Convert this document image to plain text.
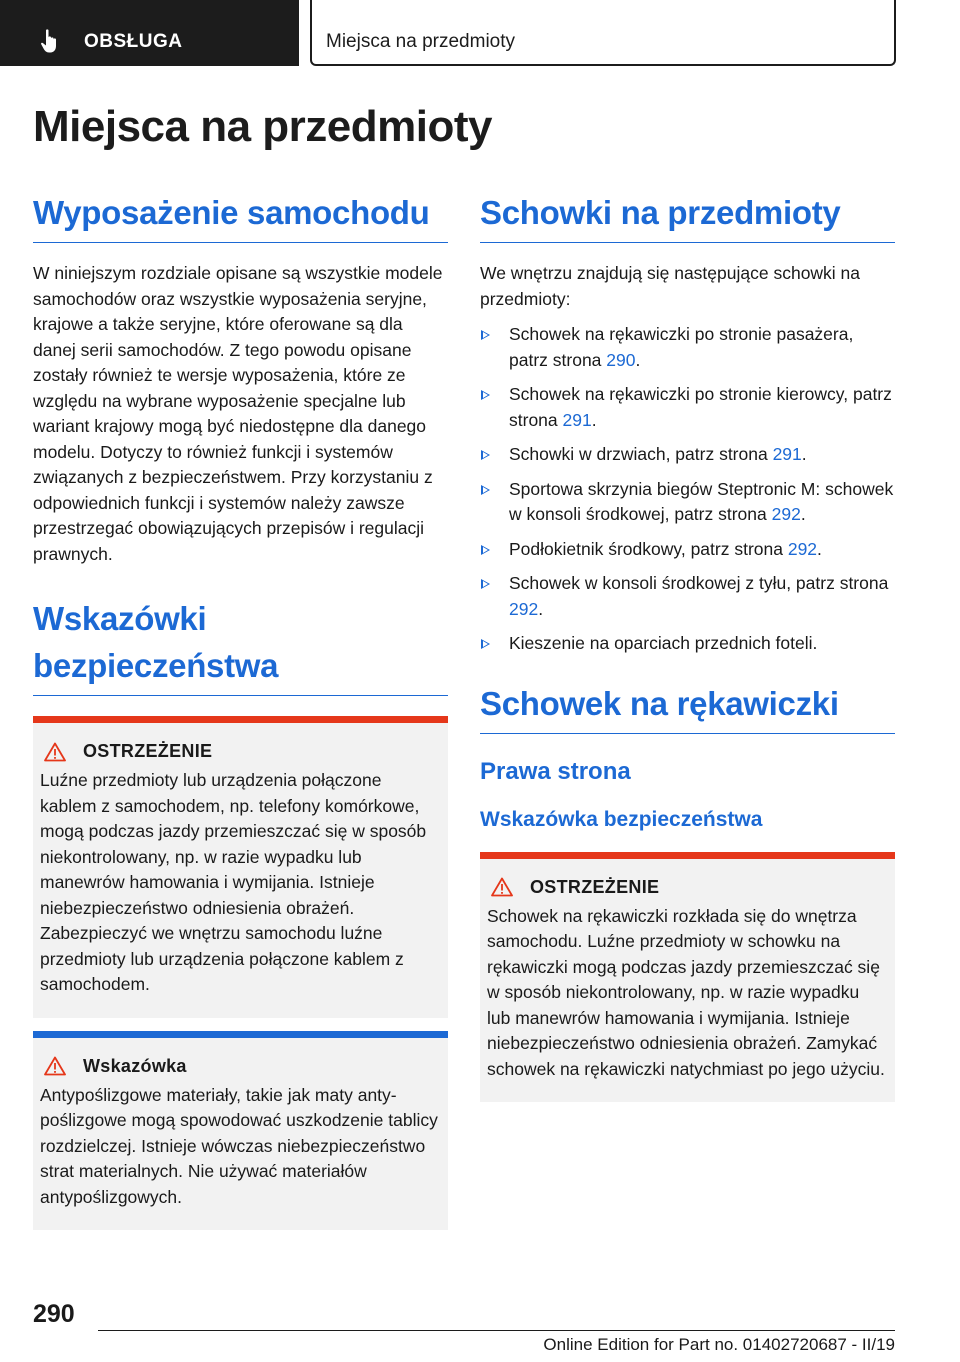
OBSŁUGA	Miejsca na przedmioty
Miejsca na przedmioty
Wyposażenie samochodu

W niniejszym rozdziale opisane są wszystkie modele samochodów oraz wszystkie wyposażenia seryjne, krajowe a także seryjne, które oferowane są dla danej serii samochodów. Z tego powodu opisane zostały również te wersje wyposażenia, które ze względu na wybrane wyposażenie specjalne lub wariant krajowy mogą być niedostępne dla danego modelu. Dotyczy to również funkcji i systemów związanych z bezpieczeństwem. Przy korzystaniu z odpowiednich funkcji i systemów należy zawsze przestrzegać obowiązujących przepisów i regulacji prawnych.

Wskazówki bezpieczeństwa
OSTRZEŻENIE

Luźne przedmioty lub urządzenia połączone kablem z samochodem, np. telefony komórkowe, mogą podczas jazdy przemieszczać się w sposób niekontrolowany, np. w razie wypadku lub manewrów hamowania i wymijania. Istnieje niebezpieczeństwo odniesienia obrażeń. Zabezpieczyć we wnętrzu samochodu luźne przedmioty lub urządzenia połączone kablem z samochodem.

Wskazówka

Antypoślizgowe materiały, takie jak maty antypoślizgowe mogą spowodować uszkodzenie tablicy rozdzielczej. Istnieje wówczas niebezpieczeństwo strat materialnych. Nie używać materiałów antypoślizgowych.

Schowki na przedmioty

We wnętrzu znajdują się następujące schowki na przedmioty:

Schowek na rękawiczki po stronie pasażera, patrz strona 290.
Schowek na rękawiczki po stronie kierowcy, patrz strona 291.
Schowki w drzwiach, patrz strona 291.
Sportowa skrzynia biegów Steptronic M: schowek w konsoli środkowej, patrz strona 292.
Podłokietnik środkowy, patrz strona 292.
Schowek w konsoli środkowej z tyłu, patrz strona 292.
Kieszenie na oparciach przednich foteli.
Schowek na rękawiczki
Prawa strona
Wskazówka bezpieczeństwa
OSTRZEŻENIE

Schowek na rękawiczki rozkłada się do wnętrza samochodu. Luźne przedmioty w schowku na rękawiczki mogą podczas jazdy przemieszczać się w sposób niekontrolowany, np. w razie wypadku lub manewrów hamowania i wymijania. Istnieje niebezpieczeństwo odniesienia obrażeń. Zamykać schowek na rękawiczki natychmiast po jego użyciu.

290
Online Edition for Part no. 01402720687 - II/19
